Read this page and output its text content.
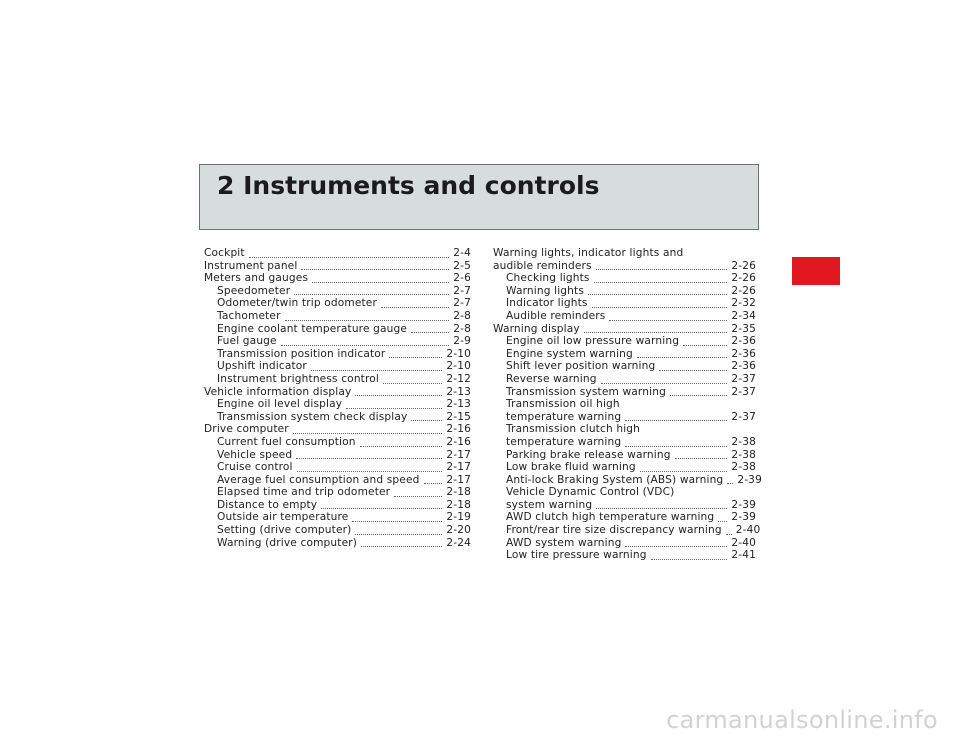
2 Instruments and controls
Cockpit	2-4
Instrument panel	2-5
Meters and gauges	2-6
Speedometer	2-7
Odometer/twin trip odometer	2-7
Tachometer	2-8
Engine coolant temperature gauge	2-8
Fuel gauge	2-9
Transmission position indicator	2-10
Upshift indicator	2-10
Instrument brightness control	2-12
Vehicle information display	2-13
Engine oil level display	2-13
Transmission system check display	2-15
Drive computer	2-16
Current fuel consumption	2-16
Vehicle speed	2-17
Cruise control	2-17
Average fuel consumption and speed	2-17
Elapsed time and trip odometer	2-18
Distance to empty	2-18
Outside air temperature	2-19
Setting (drive computer)	2-20
Warning (drive computer)	2-24
Warning lights, indicator lights and
audible reminders	2-26
Checking lights	2-26
Warning lights	2-26
Indicator lights	2-32
Audible reminders	2-34
Warning display	2-35
Engine oil low pressure warning	2-36
Engine system warning	2-36
Shift lever position warning	2-36
Reverse warning	2-37
Transmission system warning	2-37
Transmission oil high
temperature warning	2-37
Transmission clutch high
temperature warning	2-38
Parking brake release warning	2-38
Low brake fluid warning	2-38
Anti-lock Braking System (ABS) warning 2-39
Vehicle Dynamic Control (VDC)
system warning	2-39
AWD clutch high temperature warning 2-39
Front/rear tire size discrepancy warning 2-40
AWD system warning	2-40
Low tire pressure warning	2-41
carmanualsonline.info
